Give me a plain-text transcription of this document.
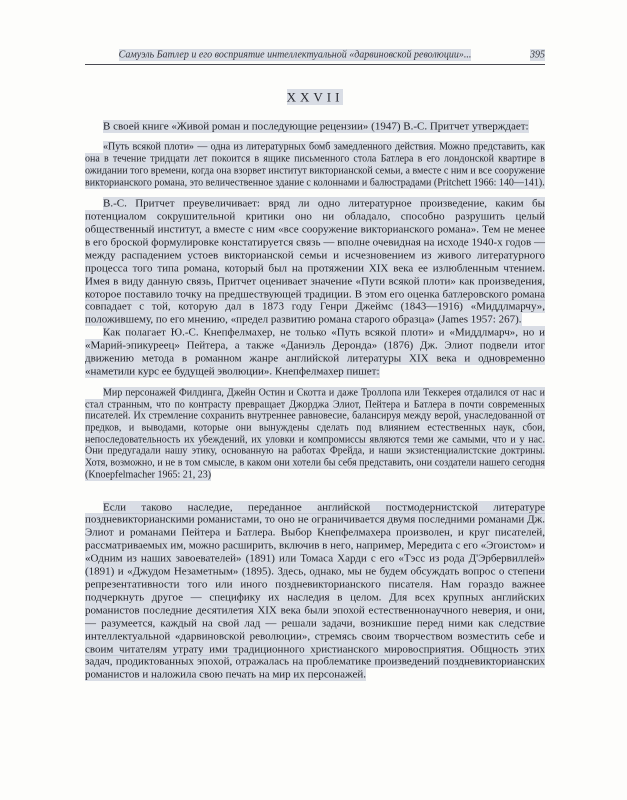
Самуэль Батлер и его восприятие интеллектуальной «дарвиновской революции»...	395
XXVII

В своей книге «Живой роман и последующие рецензии» (1947) В.-С. Притчет утверждает:

«Путь всякой плоти» — одна из литературных бомб замедленного действия. Можно представить, как она в течение тридцати лет покоится в ящике письменного стола Батлера в его лондонской квартире в ожидании того времени, когда она взорвет институт викторианской семьи, а вместе с ним и все сооружение викторианского романа, это величественное здание с колоннами и балюстрадами (Pritchett 1966: 140—141).

В.-С. Притчет преувеличивает: вряд ли одно литературное произведение, каким бы потенциалом сокрушительной критики оно ни обладало, способно разрушить целый общественный институт, а вместе с ним «все сооружение викторианского романа». Тем не менее в его броской формулировке констатируется связь — вполне очевидная на исходе 1940-х годов — между распадением устоев викторианской семьи и исчезновением из живого литературного процесса того типа романа, который был на протяжении XIX века ее излюбленным чтением. Имея в виду данную связь, Притчет оценивает значение «Пути всякой плоти» как произведения, которое поставило точку на предшествующей традиции. В этом его оценка батлеровского романа совпадает с той, которую дал в 1873 году Генри Джеймс (1843—1916) «Миддлмарчу», положившему, по его мнению, «предел развитию романа старого образца» (James 1957: 267).

Как полагает Ю.-С. Кнепфелмахер, не только «Путь всякой плоти» и «Миддлмарч», но и «Марий-эпикуреец» Пейтера, а также «Даниэль Деронда» (1876) Дж. Элиот подвели итог движению метода в романном жанре английской литературы XIX века и одновременно «наметили курс ее будущей эволюции». Кнепфелмахер пишет:

Мир персонажей Филдинга, Джейн Остин и Скотта и даже Троллопа или Теккерея отдалился от нас и стал странным, что по контрасту превращает Джорджа Элиот, Пейтера и Батлера в почти современных писателей. Их стремление сохранить внутреннее равновесие, балансируя между верой, унаследованной от предков, и выводами, которые они вынуждены сделать под влиянием естественных наук, сбои, непоследовательность их убеждений, их уловки и компромиссы являются теми же самыми, что и у нас. Они предугадали нашу этику, основанную на работах Фрейда, и наши экзистенциалистские доктрины. Хотя, возможно, и не в том смысле, в каком они хотели бы себя представить, они создатели нашего сегодня (Knoepfelmacher 1965: 21, 23)

Если таково наследие, переданное английской постмодернистской литературе поздневикторианскими романистами, то оно не ограничивается двумя последними романами Дж. Элиот и романами Пейтера и Батлера. Выбор Кнепфелмахера произволен, и круг писателей, рассматриваемых им, можно расширить, включив в него, например, Мередита с его «Эгоистом» и «Одним из наших завоевателей» (1891) или Томаса Харди с его «Тэсс из рода Д'Эрбервиллей» (1891) и «Джудом Незаметным» (1895). Здесь, однако, мы не будем обсуждать вопрос о степени репрезентативности того или иного поздневикторианского писателя. Нам гораздо важнее подчеркнуть другое — специфику их наследия в целом. Для всех крупных английских романистов последние десятилетия XIX века были эпохой естественнонаучного неверия, и они, — разумеется, каждый на свой лад — решали задачи, возникшие перед ними как следствие интеллектуальной «дарвиновской революции», стремясь своим творчеством возместить себе и своим читателям утрату ими традиционного христианского мировосприятия. Общность этих задач, продиктованных эпохой, отражалась на проблематике произведений поздневикторианских романистов и наложила свою печать на мир их персонажей.
